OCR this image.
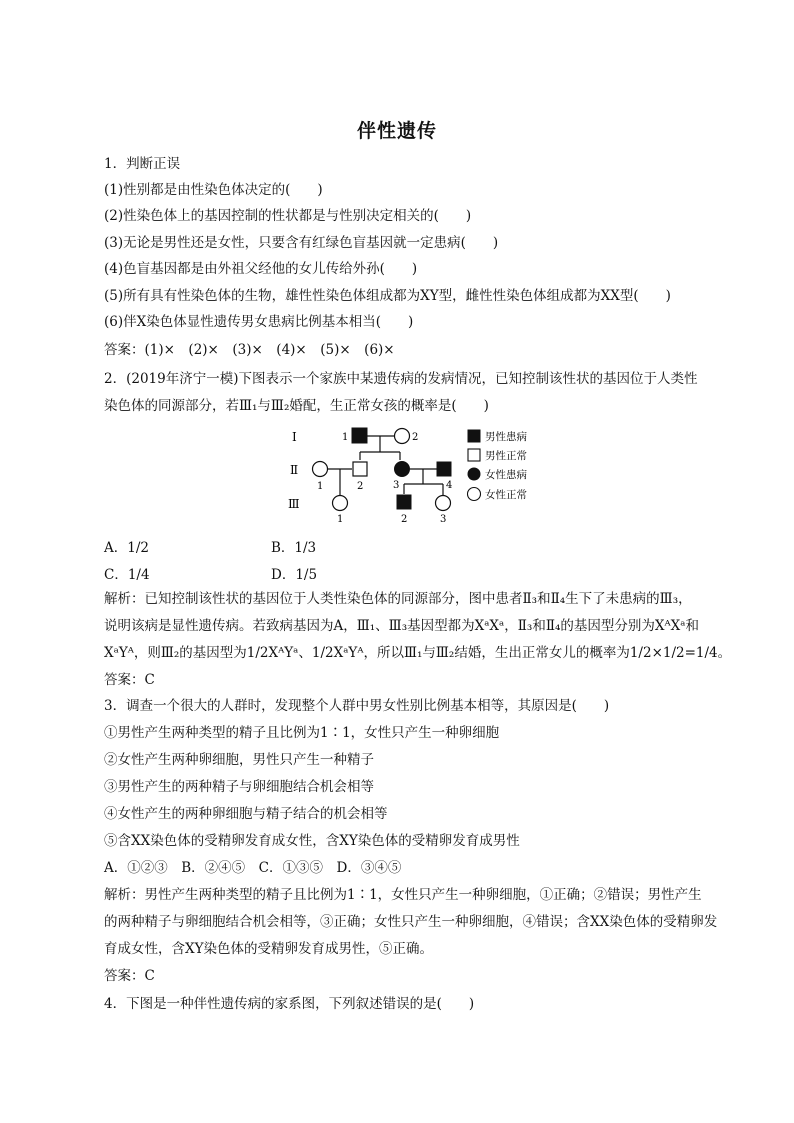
伴性遗传
1．判断正误
(1)性别都是由性染色体决定的(　　)
(2)性染色体上的基因控制的性状都是与性别决定相关的(　　)
(3)无论是男性还是女性，只要含有红绿色盲基因就一定患病(　　)
(4)色盲基因都是由外祖父经他的女儿传给外孙(　　)
(5)所有具有性染色体的生物，雄性性染色体组成都为XY型，雌性性染色体组成都为XX型(　　)
(6)伴X染色体显性遗传男女患病比例基本相当(　　)
答案：(1)×　(2)×　(3)×　(4)×　(5)×　(6)×
2．(2019年济宁一模)下图表示一个家族中某遗传病的发病情况，已知控制该性状的基因位于人类性
染色体的同源部分，若Ⅲ₁与Ⅲ₂婚配，生正常女孩的概率是(　　)
Ⅰ
Ⅱ
Ⅲ
1	2
1	2	3	4
1	2	3
男性患病
男性正常
女性患病
女性正常
A．1/2	B．1/3
C．1/4	D．1/5
解析：已知控制该性状的基因位于人类性染色体的同源部分，图中患者Ⅱ₃和Ⅱ₄生下了未患病的Ⅲ₃，
说明该病是显性遗传病。若致病基因为A，Ⅲ₁、Ⅲ₃基因型都为XᵃXᵃ，Ⅱ₃和Ⅱ₄的基因型分别为XᴬXᵃ和
XᵃYᴬ，则Ⅲ₂的基因型为1/2XᴬYᵃ、1/2XᵃYᴬ，所以Ⅲ₁与Ⅲ₂结婚，生出正常女儿的概率为1/2×1/2=1/4。
答案：C
3．调查一个很大的人群时，发现整个人群中男女性别比例基本相等，其原因是(　　)
①男性产生两种类型的精子且比例为1∶1，女性只产生一种卵细胞
②女性产生两种卵细胞，男性只产生一种精子
③男性产生的两种精子与卵细胞结合机会相等
④女性产生的两种卵细胞与精子结合的机会相等
⑤含XX染色体的受精卵发育成女性，含XY染色体的受精卵发育成男性
A．①②③　B．②④⑤　C．①③⑤　D．③④⑤
解析：男性产生两种类型的精子且比例为1∶1，女性只产生一种卵细胞，①正确；②错误；男性产生
的两种精子与卵细胞结合机会相等，③正确；女性只产生一种卵细胞，④错误；含XX染色体的受精卵发
育成女性，含XY染色体的受精卵发育成男性，⑤正确。
答案：C
4．下图是一种伴性遗传病的家系图，下列叙述错误的是(　　)
